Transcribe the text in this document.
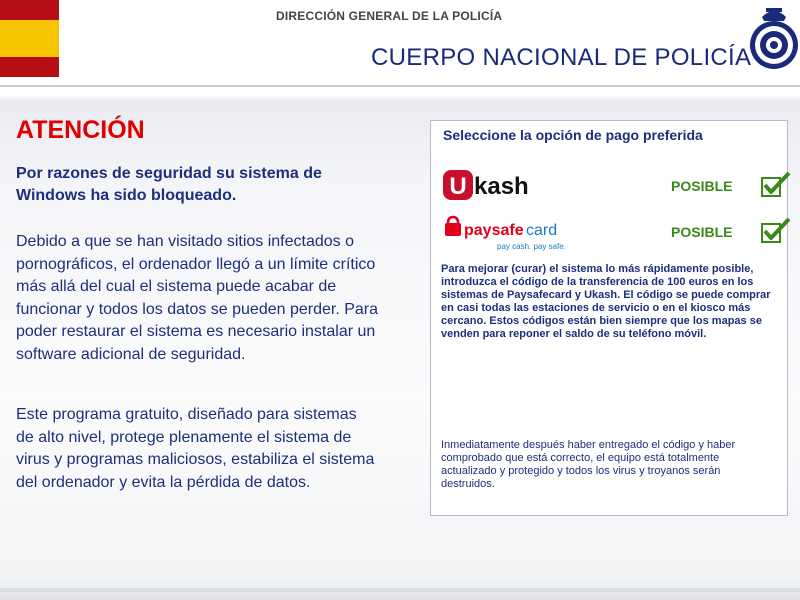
DIRECCIÓN GENERAL DE LA POLICÍA
CUERPO NACIONAL DE POLICÍA
ATENCIÓN
Por razones de seguridad su sistema de Windows ha sido bloqueado.
Debido a que se han visitado sitios infectados o pornográficos, el ordenador llegó a un límite crítico más allá del cual el sistema puede acabar de funcionar y todos los datos se pueden perder. Para poder restaurar el sistema es necesario instalar un software adicional de seguridad.
Este programa gratuito, diseñado para sistemas de alto nivel, protege plenamente el sistema de virus y programas maliciosos, estabiliza el sistema del ordenador y evita la pérdida de datos.
Seleccione la opción de pago preferida
U kash	POSIBLE
paysafe card
pay cash. pay safe.
POSIBLE
Para mejorar (curar) el sistema lo más rápidamente posible, introduzca el código de la transferencia de 100 euros en los sistemas de Paysafecard y Ukash. El código se puede comprar en casi todas las estaciones de servicio o en el kiosco más cercano. Estos códigos están bien siempre que los mapas se venden para reponer el saldo de su teléfono móvil.
Inmediatamente después haber entregado el código y haber comprobado que está correcto, el equipo está totalmente actualizado y protegido y todos los virus y troyanos serán destruidos.
